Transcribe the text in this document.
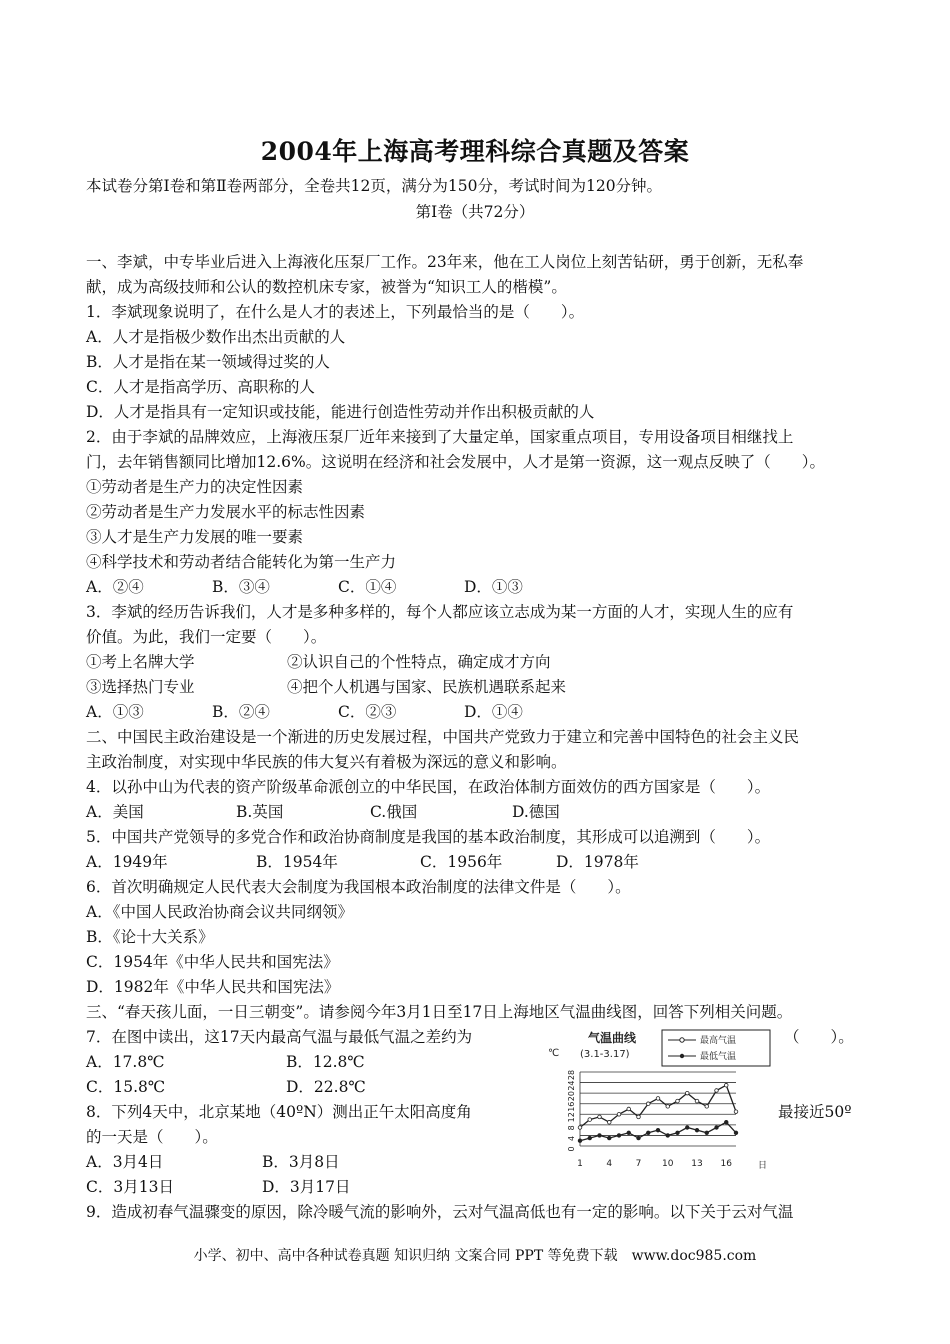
2004年上海高考理科综合真题及答案
本试卷分第Ⅰ卷和第Ⅱ卷两部分，全卷共12页，满分为150分，考试时间为120分钟。
第Ⅰ卷（共72分）
一、李斌，中专毕业后进入上海液化压泵厂工作。23年来，他在工人岗位上刻苦钻研，勇于创新，无私奉
献，成为高级技师和公认的数控机床专家，被誉为“知识工人的楷模”。
1．李斌现象说明了，在什么是人才的表述上，下列最恰当的是（　　）。
A．人才是指极少数作出杰出贡献的人
B．人才是指在某一领域得过奖的人
C．人才是指高学历、高职称的人
D．人才是指具有一定知识或技能，能进行创造性劳动并作出积极贡献的人
2．由于李斌的品牌效应，上海液压泵厂近年来接到了大量定单，国家重点项目，专用设备项目相继找上
门，去年销售额同比增加12.6%。这说明在经济和社会发展中，人才是第一资源，这一观点反映了（　　）。
①劳动者是生产力的决定性因素
②劳动者是生产力发展水平的标志性因素
③人才是生产力发展的唯一要素
④科学技术和劳动者结合能转化为第一生产力
A．②④	B．③④	C．①④	D．①③
3．李斌的经历告诉我们，人才是多种多样的，每个人都应该立志成为某一方面的人才，实现人生的应有
价值。为此，我们一定要（　　）。
①考上名牌大学	②认识自己的个性特点，确定成才方向
③选择热门专业	④把个人机遇与国家、民族机遇联系起来
A．①③	B．②④	C．②③	D．①④
二、中国民主政治建设是一个渐进的历史发展过程，中国共产党致力于建立和完善中国特色的社会主义民
主政治制度，对实现中华民族的伟大复兴有着极为深远的意义和影响。
4．以孙中山为代表的资产阶级革命派创立的中华民国，在政治体制方面效仿的西方国家是（　　）。
A．美国	B.英国	C.俄国	D.德国
5．中国共产党领导的多党合作和政治协商制度是我国的基本政治制度，其形成可以追溯到（　　）。
A．1949年	B．1954年	C．1956年	D．1978年
6．首次明确规定人民代表大会制度为我国根本政治制度的法律文件是（　　）。
A．《中国人民政治协商会议共同纲领》
B．《论十大关系》
C．1954年《中华人民共和国宪法》
D．1982年《中华人民共和国宪法》
三、“春天孩儿面，一日三朝变”。请参阅今年3月1日至17日上海地区气温曲线图，回答下列相关问题。
7．在图中读出，这17天内最高气温与最低气温之差约为	（　　）。
A．17.8℃	B．12.8℃
C．15.8℃	D．22.8℃
8．下列4天中，北京某地（40ºN）测出正午太阳高度角	最接近50º
的一天是（　　）。
A．3月4日	B．3月8日
C．3月13日	D．3月17日
9．造成初春气温骤变的原因，除冷暖气流的影响外，云对气温高低也有一定的影响。以下关于云对气温
气温曲线
(3.1-3.17)
℃
日
最高气温
最低气温
0
4
8
12
16
20
24
28
1	4	7 10 13 16
小学、初中、高中各种试卷真题 知识归纳 文案合同 PPT 等免费下载　www.doc985.com
